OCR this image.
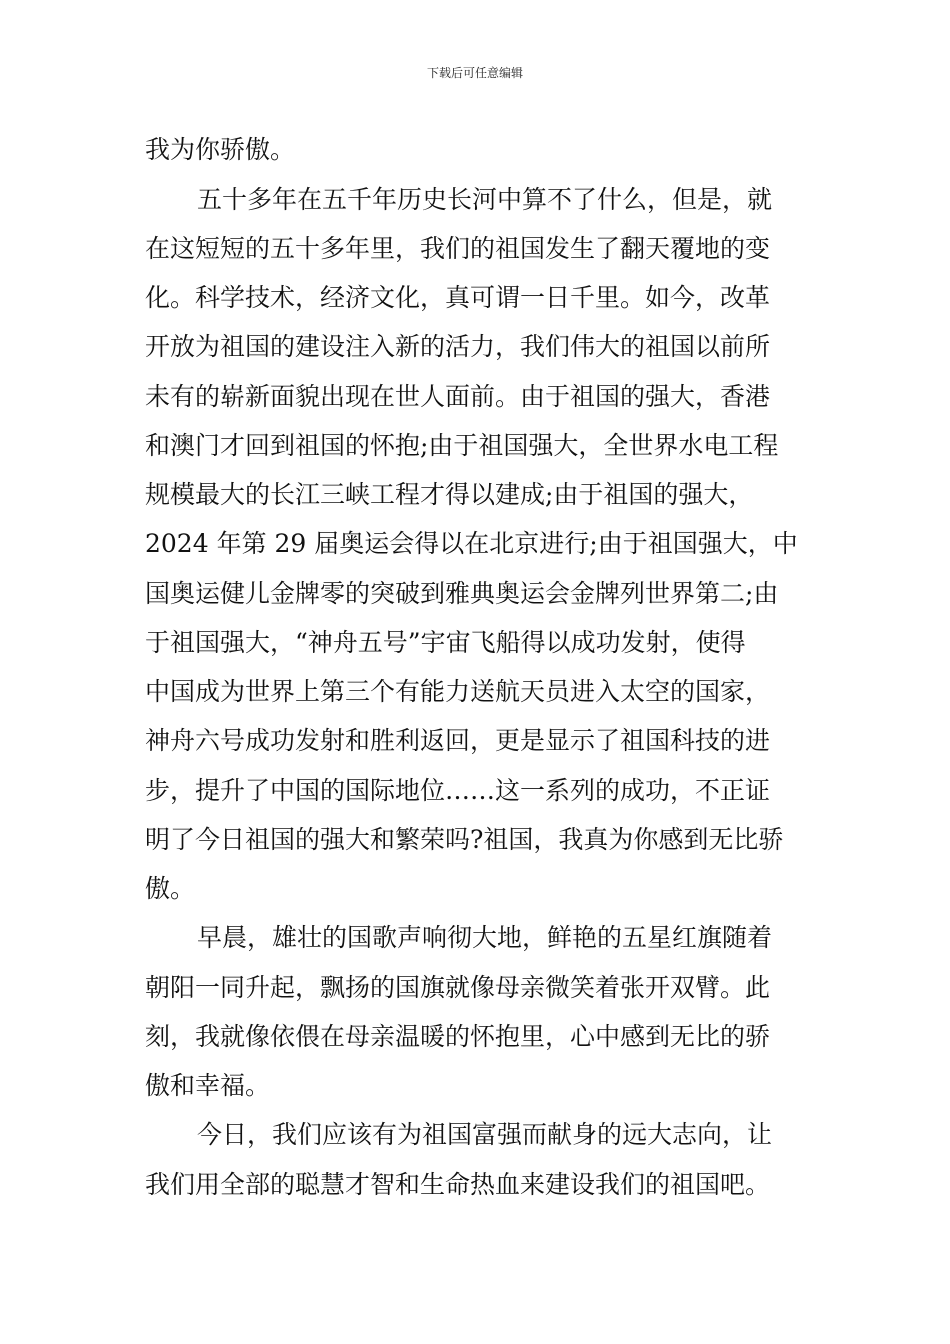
下载后可任意编辑
我为你骄傲。
五十多年在五千年历史长河中算不了什么，但是，就
在这短短的五十多年里，我们的祖国发生了翻天覆地的变
化。科学技术，经济文化，真可谓一日千里。如今，改革
开放为祖国的建设注入新的活力，我们伟大的祖国以前所
未有的崭新面貌出现在世人面前。由于祖国的强大，香港
和澳门才回到祖国的怀抱;由于祖国强大，全世界水电工程
规模最大的长江三峡工程才得以建成;由于祖国的强大，
2024 年第 29 届奥运会得以在北京进行;由于祖国强大，中
国奥运健儿金牌零的突破到雅典奥运会金牌列世界第二;由
于祖国强大，“神舟五号”宇宙飞船得以成功发射，使得
中国成为世界上第三个有能力送航天员进入太空的国家，
神舟六号成功发射和胜利返回，更是显示了祖国科技的进
步，提升了中国的国际地位……这一系列的成功，不正证
明了今日祖国的强大和繁荣吗?祖国，我真为你感到无比骄
傲。
早晨，雄壮的国歌声响彻大地，鲜艳的五星红旗随着
朝阳一同升起，飘扬的国旗就像母亲微笑着张开双臂。此
刻，我就像依偎在母亲温暖的怀抱里，心中感到无比的骄
傲和幸福。
今日，我们应该有为祖国富强而献身的远大志向，让
我们用全部的聪慧才智和生命热血来建设我们的祖国吧。
